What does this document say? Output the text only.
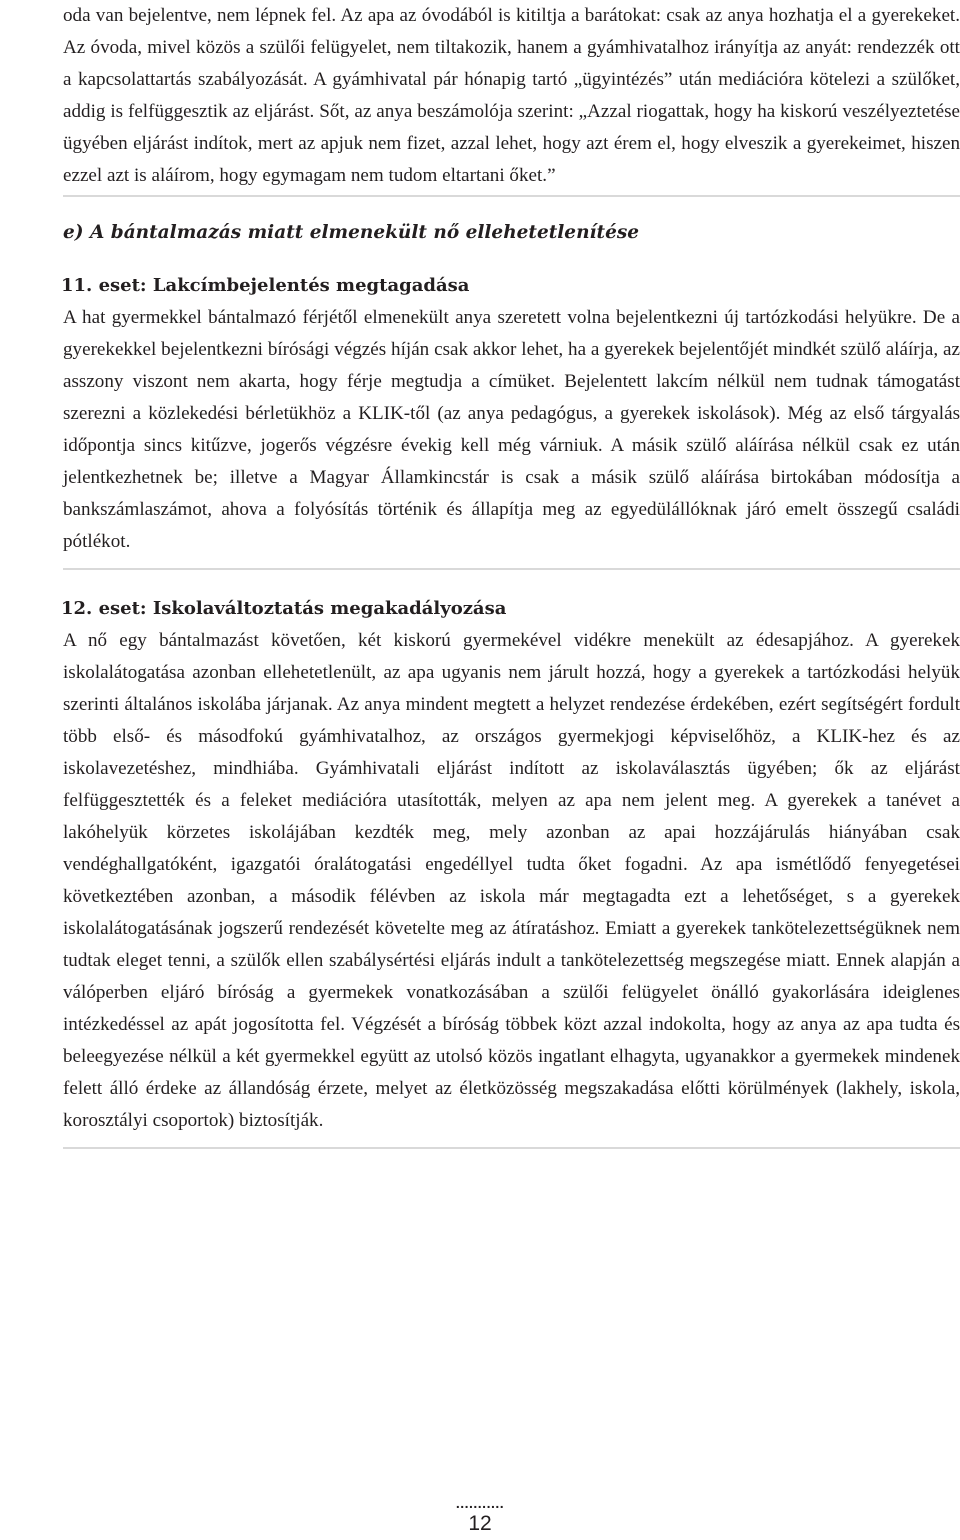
oda van bejelentve, nem lépnek fel. Az apa az óvodából is kitiltja a barátokat: csak az anya hozhatja el a gyerekeket. Az óvoda, mivel közös a szülői felügyelet, nem tiltakozik, hanem a gyámhivatalhoz irányítja az anyát: rendezzék ott a kapcsolattartás szabályozását. A gyámhivatal pár hónapig tartó „ügyintézés” után mediációra kötelezi a szülőket, addig is felfüggesztik az eljárást. Sőt, az anya beszámolója szerint: „Azzal riogattak, hogy ha kiskorú veszélyeztetése ügyében eljárást indítok, mert az apjuk nem fizet, azzal lehet, hogy azt érem el, hogy elveszik a gyerekeimet, hiszen ezzel azt is aláírom, hogy egymagam nem tudom eltartani őket.”

e) A bántalmazás miatt elmenekült nő ellehetetlenítése
11. eset: Lakcímbejelentés megtagadása

A hat gyermekkel bántalmazó férjétől elmenekült anya szeretett volna bejelentkezni új tartózkodási helyükre. De a gyerekekkel bejelentkezni bírósági végzés híján csak akkor lehet, ha a gyerekek bejelentőjét mindkét szülő aláírja, az asszony viszont nem akarta, hogy férje megtudja a címüket. Bejelentett lakcím nélkül nem tudnak támogatást szerezni a közlekedési bérletükhöz a KLIK-től (az anya pedagógus, a gyerekek iskolások). Még az első tárgyalás időpontja sincs kitűzve, jogerős végzésre évekig kell még várniuk. A másik szülő aláírása nélkül csak ez után jelentkezhetnek be; illetve a Magyar Államkincstár is csak a másik szülő aláírása birtokában módosítja a bankszámlaszámot, ahova a folyósítás történik és állapítja meg az egyedülállóknak járó emelt összegű családi pótlékot.

12. eset: Iskolaváltoztatás megakadályozása

A nő egy bántalmazást követően, két kiskorú gyermekével vidékre menekült az édesapjához. A gyerekek iskolalátogatása azonban ellehetetlenült, az apa ugyanis nem járult hozzá, hogy a gyerekek a tartózkodási helyük szerinti általános iskolába járjanak. Az anya mindent megtett a helyzet rendezése érdekében, ezért segítségért fordult több első- és másodfokú gyámhivatalhoz, az országos gyermekjogi képviselőhöz, a KLIK-hez és az iskolavezetéshez, mindhiába. Gyámhivatali eljárást indított az iskolaválasztás ügyében; ők az eljárást felfüggesztették és a feleket mediációra utasították, melyen az apa nem jelent meg. A gyerekek a tanévet a lakóhelyük körzetes iskolájában kezdték meg, mely azonban az apai hozzájárulás hiányában csak vendéghallgatóként, igazgatói óralátogatási engedéllyel tudta őket fogadni. Az apa ismétlődő fenyegetései következtében azonban, a második félévben az iskola már megtagadta ezt a lehetőséget, s a gyerekek iskolalátogatásának jogszerű rendezését követelte meg az átíratáshoz. Emiatt a gyerekek tankötelezettségüknek nem tudtak eleget tenni, a szülők ellen szabálysértési eljárás indult a tankötelezettség megszegése miatt. Ennek alapján a válóperben eljáró bíróság a gyermekek vonatkozásában a szülői felügyelet önálló gyakorlására ideiglenes intézkedéssel az apát jogosította fel. Végzését a bíróság többek közt azzal indokolta, hogy az anya az apa tudta és beleegyezése nélkül a két gyermekkel együtt az utolsó közös ingatlant elhagyta, ugyanakkor a gyermekek mindenek felett álló érdeke az állandóság érzete, melyet az életközösség megszakadása előtti körülmények (lakhely, iskola, korosztályi csoportok) biztosítják.

...........
12
